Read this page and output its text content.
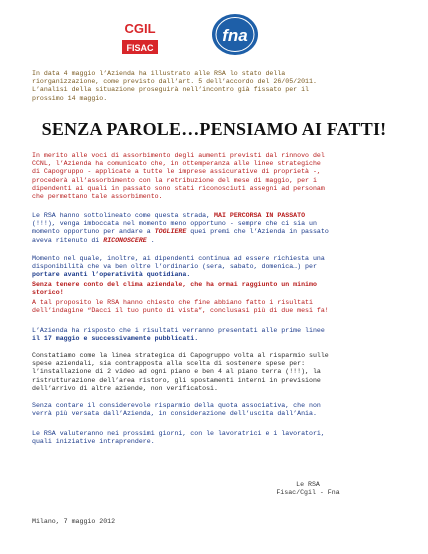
CGIL
FISAC
fna
In data 4 maggio l’Azienda ha illustrato alle RSA lo stato della
riorganizzazione, come previsto dall’art. 5 dell’accordo del 26/05/2011.
L’analisi della situazione proseguirà nell’incontro già fissato per il
prossimo 14 maggio.
SENZA PAROLE…PENSIAMO AI FATTI!
In merito alle voci di assorbimento degli aumenti previsti dal rinnovo del
CCNL, l’Azienda ha comunicato che, in ottemperanza alle linee strategiche
di Capogruppo - applicate a tutte le imprese assicurative di proprietà -,
procederà all’assorbimento con la retribuzione del mese di maggio, per i
dipendenti ai quali in passato sono stati riconosciuti assegni ad personam
che permettano tale assorbimento.
Le RSA hanno sottolineato come questa strada, MAI PERCORSA IN PASSATO
(!!!), venga imboccata nel momento meno opportuno - sempre che ci sia un
momento opportuno per andare a TOGLIERE quei premi che l’Azienda in passato
aveva ritenuto di RICONOSCERE .
Momento nel quale, inoltre, ai dipendenti continua ad essere richiesta una
disponibilità che va ben oltre l’ordinario (sera, sabato, domenica…) per
portare avanti l’operatività quotidiana.
Senza tenere conto del clima aziendale, che ha ormai raggiunto un minimo
storico!
A tal proposito le RSA hanno chiesto che fine abbiano fatto i risultati
dell’indagine “Dacci il tuo punto di vista”, conclusasi più di due mesi fa!
L’Azienda ha risposto che i risultati verranno presentati alle prime linee
il 17 maggio e successivamente pubblicati.
Constatiamo come la linea strategica di Capogruppo volta al risparmio sulle
spese aziendali, sia contrapposta alla scelta di sostenere spese per:
l’installazione di 2 video ad ogni piano e ben 4 al piano terra (!!!), la
ristrutturazione dell’area ristoro, gli spostamenti interni in previsione
dell’arrivo di altre aziende, non verificatosi.
Senza contare il considerevole risparmio della quota associativa, che non
verrà più versata dall’Azienda, in considerazione dell’uscita dall’Ania.
Le RSA valuteranno nei prossimi giorni, con le lavoratrici e i lavoratori,
quali iniziative intraprendere.
Le RSA
Fisac/Cgil - Fna
Milano, 7 maggio 2012
